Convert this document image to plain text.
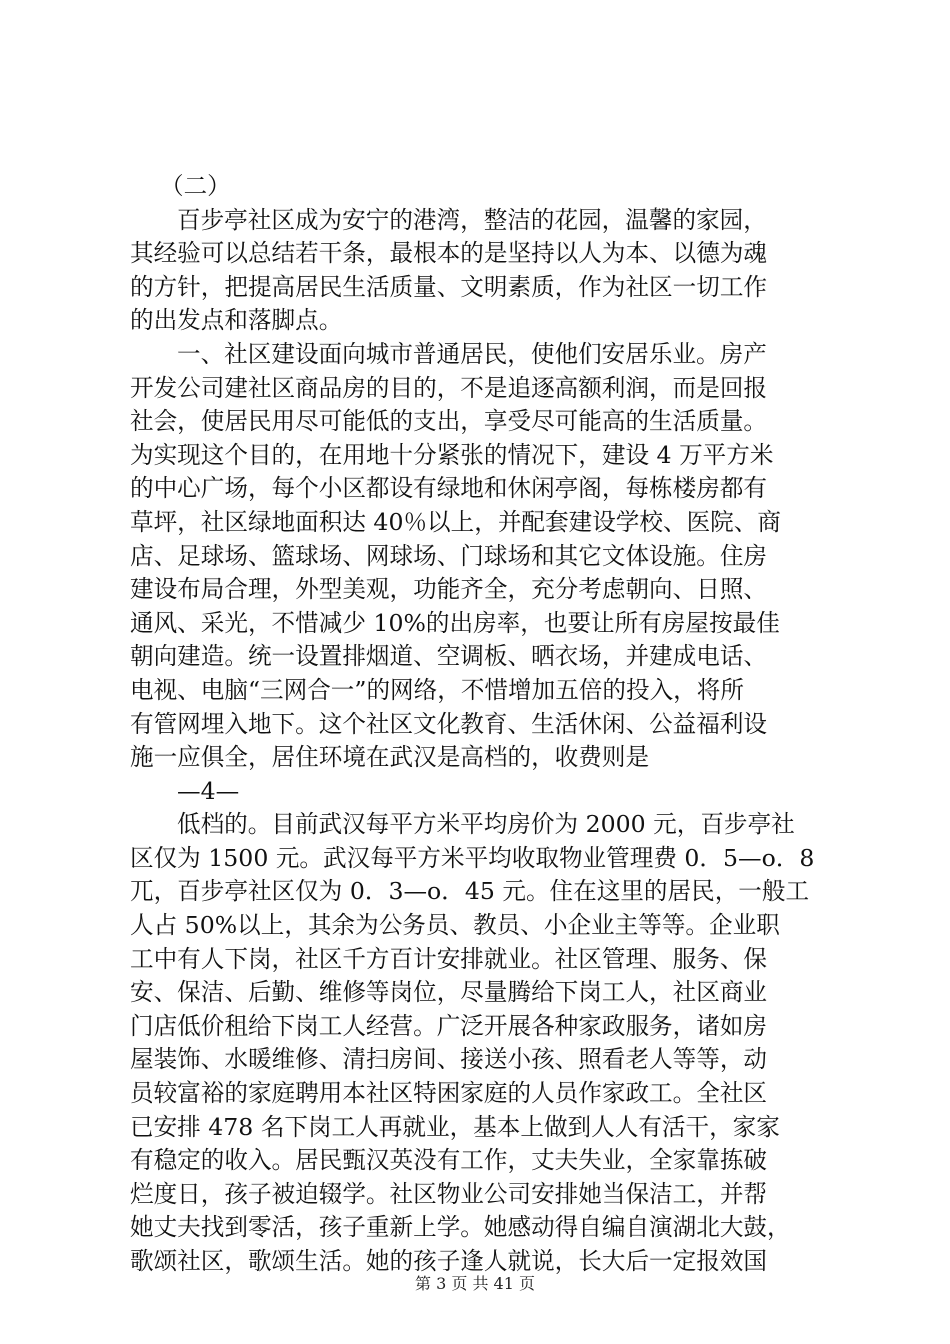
（二）
百步亭社区成为安宁的港湾，整洁的花园，温馨的家园，
其经验可以总结若干条，最根本的是坚持以人为本、以德为魂
的方针，把提高居民生活质量、文明素质，作为社区一切工作
的出发点和落脚点。
一、社区建设面向城市普通居民，使他们安居乐业。房产
开发公司建社区商品房的目的，不是追逐高额利润，而是回报
社会，使居民用尽可能低的支出，享受尽可能高的生活质量。
为实现这个目的，在用地十分紧张的情况下，建设 4 万平方米
的中心广场，每个小区都设有绿地和休闲亭阁，每栋楼房都有
草坪，社区绿地面积达 40％以上，并配套建设学校、医院、商
店、足球场、篮球场、网球场、门球场和其它文体设施。住房
建设布局合理，外型美观，功能齐全，充分考虑朝向、日照、
通风、采光，不惜减少 10%的出房率，也要让所有房屋按最佳
朝向建造。统一设置排烟道、空调板、晒衣场，并建成电话、
电视、电脑“三网合一”的网络，不惜增加五倍的投入，将所
有管网埋入地下。这个社区文化教育、生活休闲、公益福利设
施一应俱全，居住环境在武汉是高档的，收费则是
—4—
低档的。目前武汉每平方米平均房价为 2000 元，百步亭社
区仅为 1500 元。武汉每平方米平均收取物业管理费 0．5—o．8
兀，百步亭社区仅为 0．3—o．45 元。住在这里的居民，一般工
人占 50%以上，其余为公务员、教员、小企业主等等。企业职
工中有人下岗，社区千方百计安排就业。社区管理、服务、保
安、保洁、后勤、维修等岗位，尽量腾给下岗工人，社区商业
门店低价租给下岗工人经营。广泛开展各种家政服务，诸如房
屋装饰、水暖维修、清扫房间、接送小孩、照看老人等等，动
员较富裕的家庭聘用本社区特困家庭的人员作家政工。全社区
已安排 478 名下岗工人再就业，基本上做到人人有活干，家家
有稳定的收入。居民甄汉英没有工作，丈夫失业，全家靠拣破
烂度日，孩子被迫辍学。社区物业公司安排她当保洁工，并帮
她丈夫找到零活，孩子重新上学。她感动得自编自演湖北大鼓，
歌颂社区，歌颂生活。她的孩子逢人就说，长大后一定报效国
第 3 页 共 41 页
